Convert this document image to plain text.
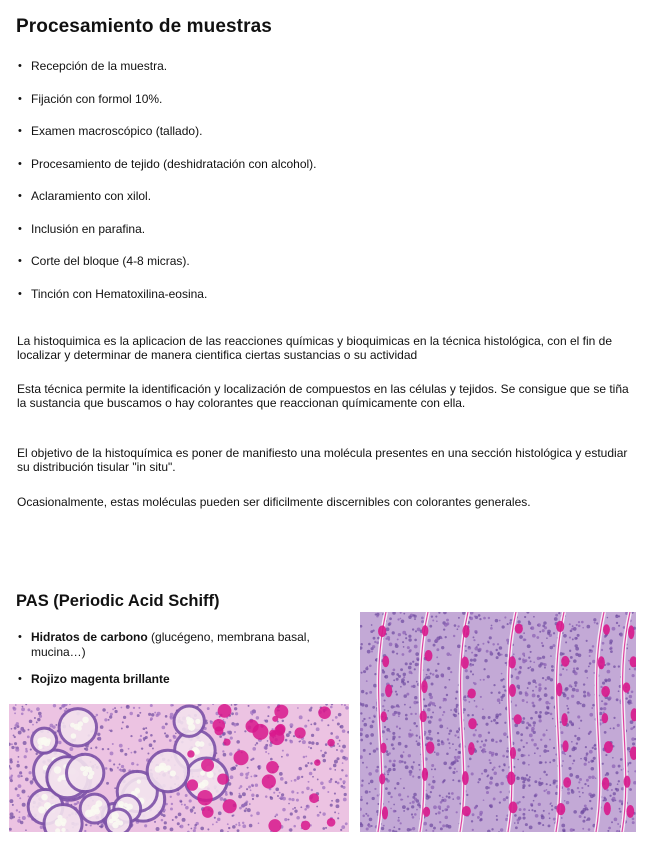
Procesamiento de muestras
• Recepción de la muestra.
• Fijación con formol 10%.
• Examen macroscópico (tallado).
• Procesamiento de tejido (deshidratación con alcohol).
• Aclaramiento con xilol.
• Inclusión en parafina.
• Corte del bloque (4-8 micras).
• Tinción con Hematoxilina-eosina.

La histoquimica es la aplicacion de las reacciones químicas y bioquimicas en la técnica histológica, con el fin de localizar y determinar de manera cientifica ciertas sustancias o su actividad

Esta técnica permite la identificación y localización de compuestos en las células y tejidos. Se consigue que se tiña la sustancia que buscamos o hay colorantes que reaccionan químicamente con ella.

El objetivo de la histoquímica es poner de manifiesto una molécula presentes en una sección histológica y estudiar su distribución tisular "in situ".

Ocasionalmente, estas moléculas pueden ser dificilmente discernibles con colorantes generales.

PAS (Periodic Acid Schiff)
• Hidratos de carbono (glucégeno, membrana basal, mucina…)
• Rojizo magenta brillante
